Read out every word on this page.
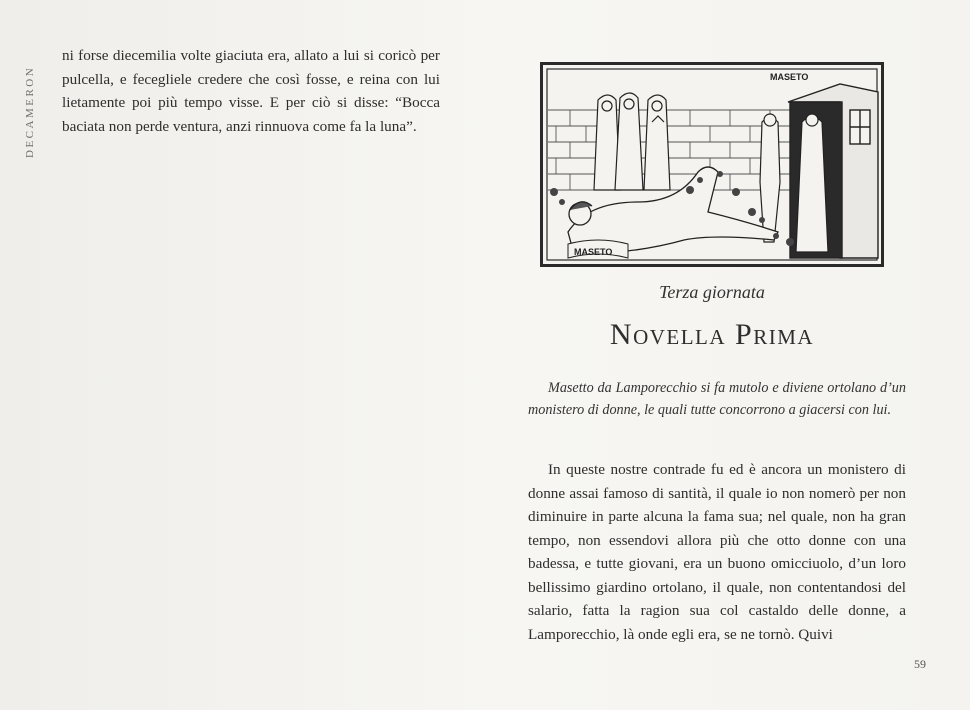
DECAMERON

ni forse diecemilia volte giaciuta era, allato a lui si coricò per pulcella, e fecegliele credere che così fosse, e reina con lui lietamente poi più tempo visse. E per ciò si disse: “Bocca baciata non perde ventura, anzi rinnuova come fa la luna”.

MASETO
MASETO
Terza giornata
Novella Prima
Masetto da Lamporecchio si fa mutolo e diviene ortolano d’un monistero di donne, le quali tutte concorrono a giacersi con lui.
In queste nostre contrade fu ed è ancora un monistero di donne assai famoso di santità, il quale io non nomerò per non diminuire in parte alcuna la fama sua; nel quale, non ha gran tempo, non essendovi allora più che otto donne con una badessa, e tutte giovani, era un buono omicciuolo, d’un loro bellissimo giardino ortolano, il quale, non contentandosi del salario, fatta la ragion sua col castaldo delle donne, a Lamporecchio, là onde egli era, se ne tornò. Quivi
59
